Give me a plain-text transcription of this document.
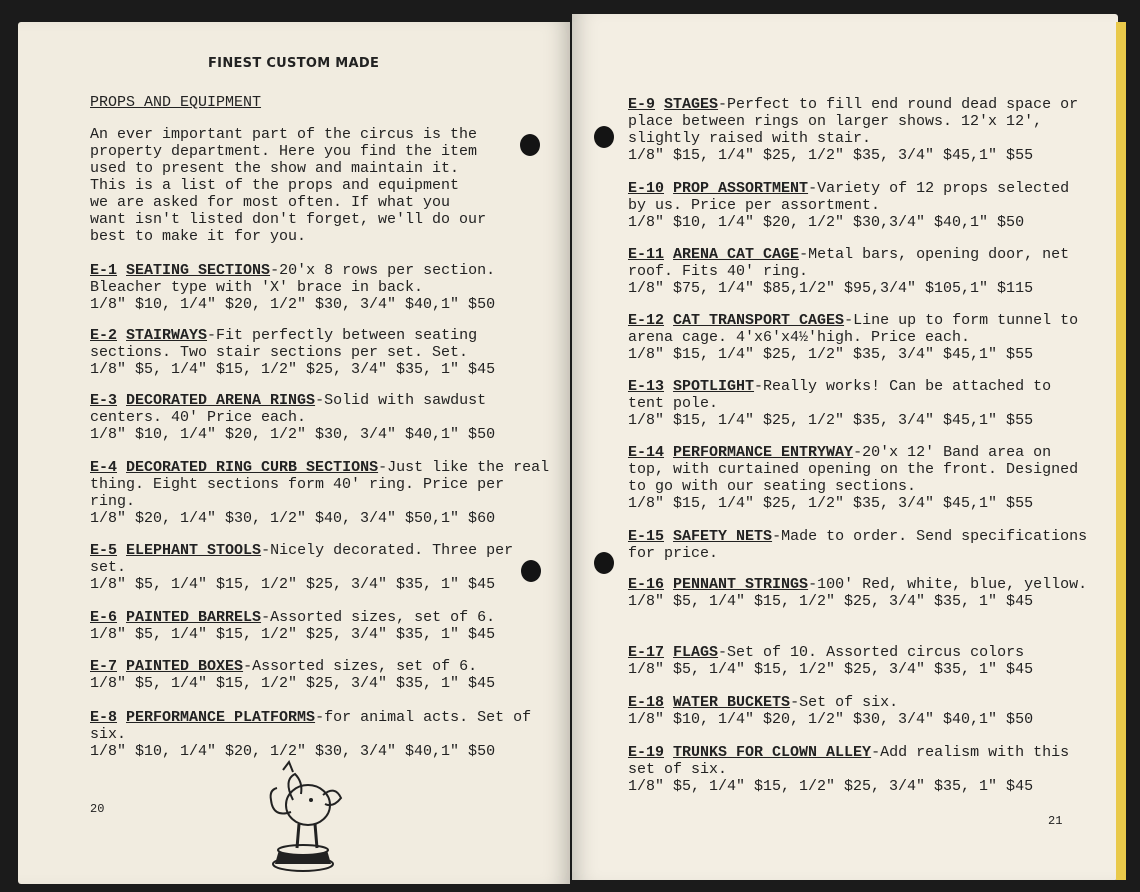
FINEST CUSTOM MADE
PROPS AND EQUIPMENT
An ever important part of the circus is the
property department. Here you find the item
used to present the show and maintain it.
This is a list of the props and equipment
we are asked for most often. If what you
want isn't listed don't forget, we'll do our
best to make it for you.
E-1 SEATING SECTIONS-20'x 8 rows per section. Bleacher type with 'X' brace in back.
1/8" $10, 1/4" $20, 1/2" $30, 3/4" $40,1" $50
E-2 STAIRWAYS-Fit perfectly between seating sections. Two stair sections per set. Set.
1/8" $5, 1/4" $15, 1/2" $25, 3/4" $35, 1" $45
E-3 DECORATED ARENA RINGS-Solid with sawdust centers. 40' Price each.
1/8" $10, 1/4" $20, 1/2" $30, 3/4" $40,1" $50
E-4 DECORATED RING CURB SECTIONS-Just like the real thing. Eight sections form 40' ring. Price per ring.
1/8" $20, 1/4" $30, 1/2" $40, 3/4" $50,1" $60
E-5 ELEPHANT STOOLS-Nicely decorated. Three per set.
1/8" $5, 1/4" $15, 1/2" $25, 3/4" $35, 1" $45
E-6 PAINTED BARRELS-Assorted sizes, set of 6.
1/8" $5, 1/4" $15, 1/2" $25, 3/4" $35, 1" $45
E-7 PAINTED BOXES-Assorted sizes, set of 6.
1/8" $5, 1/4" $15, 1/2" $25, 3/4" $35, 1" $45
E-8 PERFORMANCE PLATFORMS-for animal acts. Set of six.
1/8" $10, 1/4" $20, 1/2" $30, 3/4" $40,1" $50
20
E-9 STAGES-Perfect to fill end round dead space or place between rings on larger shows. 12'x 12', slightly raised with stair.
1/8" $15, 1/4" $25, 1/2" $35, 3/4" $45,1" $55
E-10 PROP ASSORTMENT-Variety of 12 props selected by us. Price per assortment.
1/8" $10, 1/4" $20, 1/2" $30,3/4" $40,1" $50
E-11 ARENA CAT CAGE-Metal bars, opening door, net roof. Fits 40' ring.
1/8" $75, 1/4" $85,1/2" $95,3/4" $105,1" $115
E-12 CAT TRANSPORT CAGES-Line up to form tunnel to arena cage. 4'x6'x4½'high. Price each.
1/8" $15, 1/4" $25, 1/2" $35, 3/4" $45,1" $55
E-13 SPOTLIGHT-Really works! Can be attached to tent pole.
1/8" $15, 1/4" $25, 1/2" $35, 3/4" $45,1" $55
E-14 PERFORMANCE ENTRYWAY-20'x 12' Band area on top, with curtained opening on the front. Designed to go with our seating sections.
1/8" $15, 1/4" $25, 1/2" $35, 3/4" $45,1" $55
E-15 SAFETY NETS-Made to order. Send specifications for price.
E-16 PENNANT STRINGS-100' Red, white, blue, yellow.
1/8" $5, 1/4" $15, 1/2" $25, 3/4" $35, 1" $45
E-17 FLAGS-Set of 10. Assorted circus colors
1/8" $5, 1/4" $15, 1/2" $25, 3/4" $35, 1" $45
E-18 WATER BUCKETS-Set of six.
1/8" $10, 1/4" $20, 1/2" $30, 3/4" $40,1" $50
E-19 TRUNKS FOR CLOWN ALLEY-Add realism with this set of six.
1/8" $5, 1/4" $15, 1/2" $25, 3/4" $35, 1" $45
21
